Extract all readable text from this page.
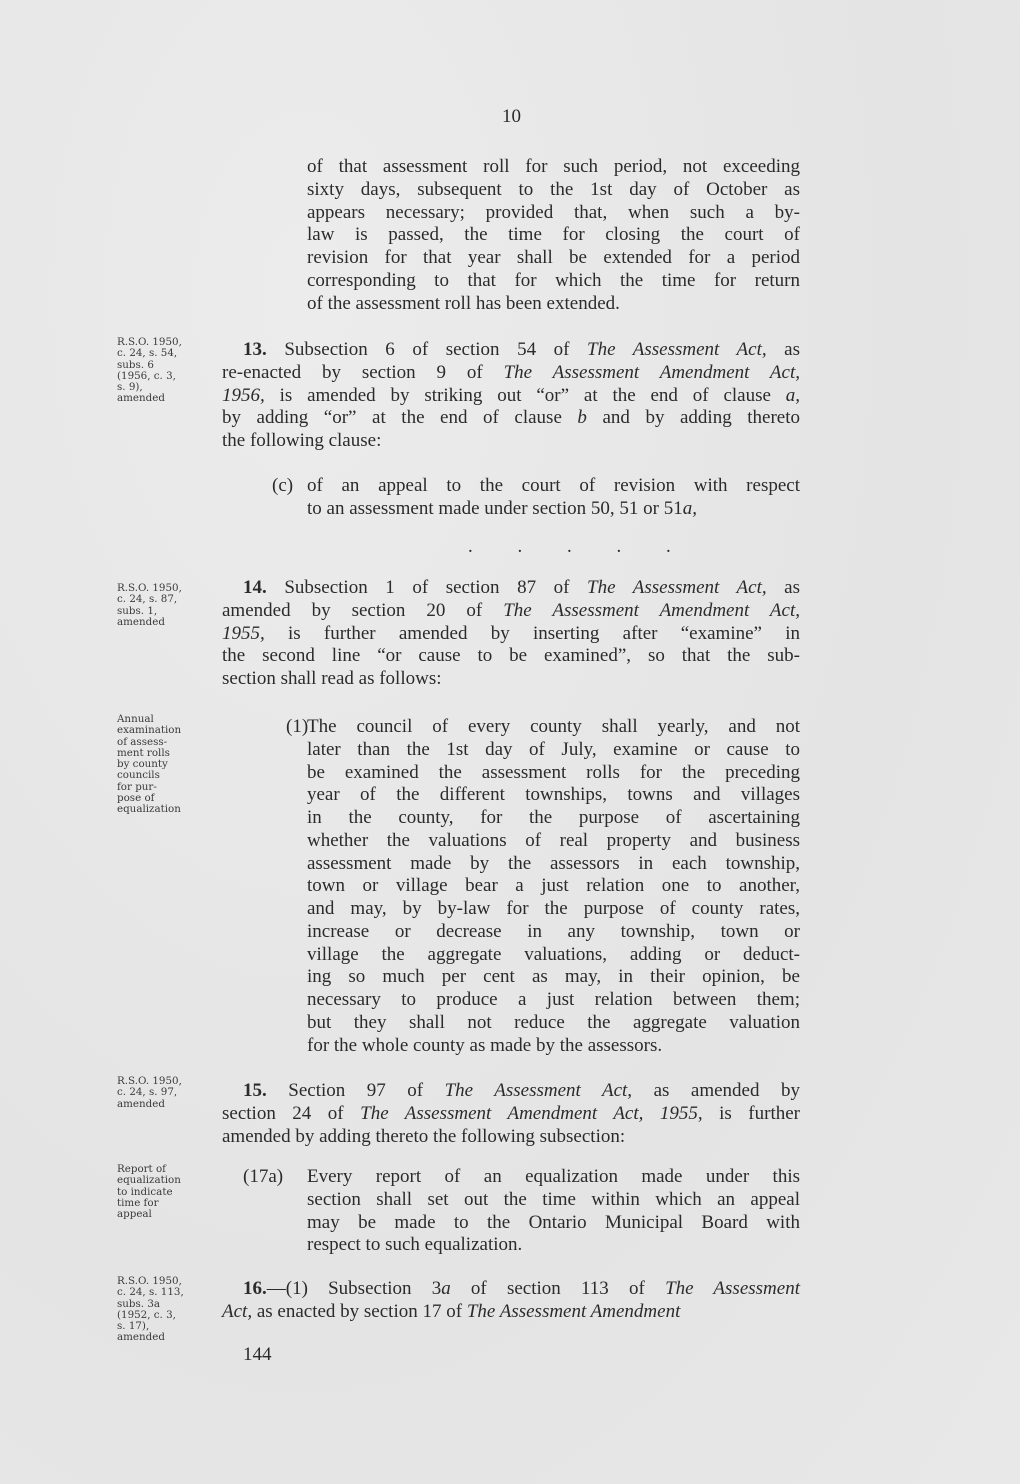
10
144
. . . . .
R.S.O. 1950,
c. 24, s. 54,
subs. 6
(1956, c. 3,
s. 9),
amended
R.S.O. 1950,
c. 24, s. 87,
subs. 1,
amended
Annual
examination
of assess-
ment rolls
by county
councils
for pur-
pose of
equalization
R.S.O. 1950,
c. 24, s. 97,
amended
Report of
equalization
to indicate
time for
appeal
R.S.O. 1950,
c. 24, s. 113,
subs. 3a
(1952, c. 3,
s. 17),
amended
of that assessment roll for such period, not exceeding
sixty days, subsequent to the 1st day of October as
appears necessary; provided that, when such a by-
law is passed, the time for closing the court of
revision for that year shall be extended for a period
corresponding to that for which the time for return
of the assessment roll has been extended.
13. Subsection 6 of section 54 of The Assessment Act, as
re-enacted by section 9 of The Assessment Amendment Act,
1956, is amended by striking out “or” at the end of clause a,
by adding “or” at the end of clause b and by adding thereto
the following clause:
of an appeal to the court of revision with respect
to an assessment made under section 50, 51 or 51a,
(c)
14. Subsection 1 of section 87 of The Assessment Act, as
amended by section 20 of The Assessment Amendment Act,
1955, is further amended by inserting after “examine” in
the second line “or cause to be examined”, so that the sub-
section shall read as follows:
The council of every county shall yearly, and not
later than the 1st day of July, examine or cause to
be examined the assessment rolls for the preceding
year of the different townships, towns and villages
in the county, for the purpose of ascertaining
whether the valuations of real property and business
assessment made by the assessors in each township,
town or village bear a just relation one to another,
and may, by by-law for the purpose of county rates,
increase or decrease in any township, town or
village the aggregate valuations, adding or deduct-
ing so much per cent as may, in their opinion, be
necessary to produce a just relation between them;
but they shall not reduce the aggregate valuation
for the whole county as made by the assessors.
(1)
15. Section 97 of The Assessment Act, as amended by
section 24 of The Assessment Amendment Act, 1955, is further
amended by adding thereto the following subsection:
Every report of an equalization made under this
section shall set out the time within which an appeal
may be made to the Ontario Municipal Board with
respect to such equalization.
(17a)
16.—(1) Subsection 3a of section 113 of The Assessment
Act, as enacted by section 17 of The Assessment Amendment
